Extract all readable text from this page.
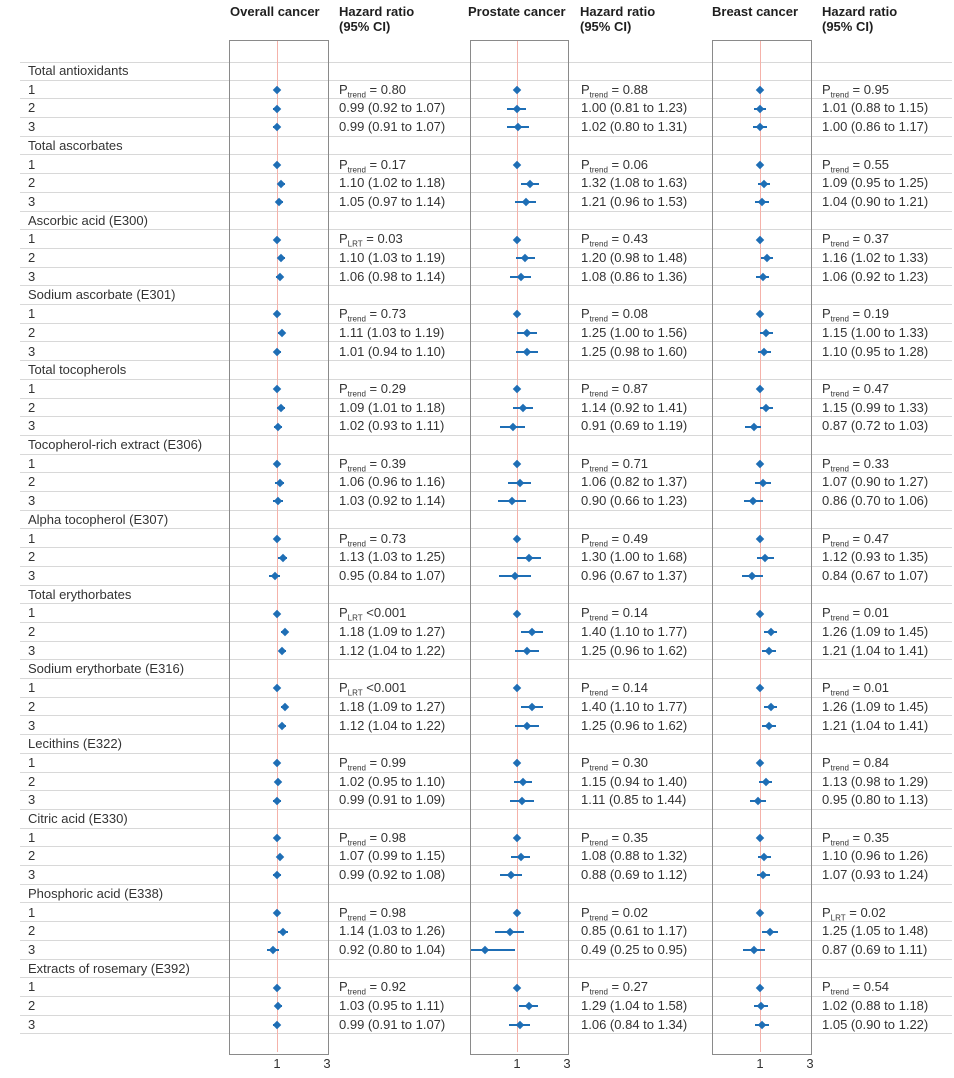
Overall cancer Hazard ratio
(95% CI)
Prostate cancer Hazard ratio
(95% CI)
Breast cancer Hazard ratio
(95% CI)
Total antioxidants
1	$P_{trend} = 0.80$	$P_{trend} = 0.88$	$P_{trend} = 0.95$
2	0.99 (0.92 to 1.07)	1.00 (0.81 to 1.23)	1.01 (0.88 to 1.15)
3	0.99 (0.91 to 1.07)	1.02 (0.80 to 1.31)	1.00 (0.86 to 1.17)
Total ascorbates
1	$P_{trend} = 0.17$	$P_{trend} = 0.06$	$P_{trend} = 0.55$
2	1.10 (1.02 to 1.18)	1.32 (1.08 to 1.63)	1.09 (0.95 to 1.25)
3	1.05 (0.97 to 1.14)	1.21 (0.96 to 1.53)	1.04 (0.90 to 1.21)
Ascorbic acid (E300)
1	$P_{LRT} = 0.03$	$P_{trend} = 0.43$	$P_{trend} = 0.37$
2	1.10 (1.03 to 1.19)	1.20 (0.98 to 1.48)	1.16 (1.02 to 1.33)
3	1.06 (0.98 to 1.14)	1.08 (0.86 to 1.36)	1.06 (0.92 to 1.23)
Sodium ascorbate (E301)
1	$P_{trend} = 0.73$	$P_{trend} = 0.08$	$P_{trend} = 0.19$
2	1.11 (1.03 to 1.19)	1.25 (1.00 to 1.56)	1.15 (1.00 to 1.33)
3	1.01 (0.94 to 1.10)	1.25 (0.98 to 1.60)	1.10 (0.95 to 1.28)
Total tocopherols
1	$P_{trend} = 0.29$	$P_{trend} = 0.87$	$P_{trend} = 0.47$
2	1.09 (1.01 to 1.18)	1.14 (0.92 to 1.41)	1.15 (0.99 to 1.33)
3	1.02 (0.93 to 1.11)	0.91 (0.69 to 1.19)	0.87 (0.72 to 1.03)
Tocopherol-rich extract (E306)
1	$P_{trend} = 0.39$	$P_{trend} = 0.71$	$P_{trend} = 0.33$
2	1.06 (0.96 to 1.16)	1.06 (0.82 to 1.37)	1.07 (0.90 to 1.27)
3	1.03 (0.92 to 1.14)	0.90 (0.66 to 1.23)	0.86 (0.70 to 1.06)
Alpha tocopherol (E307)
1	$P_{trend} = 0.73$	$P_{trend} = 0.49$	$P_{trend} = 0.47$
2	1.13 (1.03 to 1.25)	1.30 (1.00 to 1.68)	1.12 (0.93 to 1.35)
3	0.95 (0.84 to 1.07)	0.96 (0.67 to 1.37)	0.84 (0.67 to 1.07)
Total erythorbates
1	$P_{LRT} <0.001$	$P_{trend} = 0.14$	$P_{trend} = 0.01$
2	1.18 (1.09 to 1.27)	1.40 (1.10 to 1.77)	1.26 (1.09 to 1.45)
3	1.12 (1.04 to 1.22)	1.25 (0.96 to 1.62)	1.21 (1.04 to 1.41)
Sodium erythorbate (E316)
1	$P_{LRT} <0.001$	$P_{trend} = 0.14$	$P_{trend} = 0.01$
2	1.18 (1.09 to 1.27)	1.40 (1.10 to 1.77)	1.26 (1.09 to 1.45)
3	1.12 (1.04 to 1.22)	1.25 (0.96 to 1.62)	1.21 (1.04 to 1.41)
Lecithins (E322)
1	$P_{trend} = 0.99$	$P_{trend} = 0.30$	$P_{trend} = 0.84$
2	1.02 (0.95 to 1.10)	1.15 (0.94 to 1.40)	1.13 (0.98 to 1.29)
3	0.99 (0.91 to 1.09)	1.11 (0.85 to 1.44)	0.95 (0.80 to 1.13)
Citric acid (E330)
1	$P_{trend} = 0.98$	$P_{trend} = 0.35$	$P_{trend} = 0.35$
2	1.07 (0.99 to 1.15)	1.08 (0.88 to 1.32)	1.10 (0.96 to 1.26)
3	0.99 (0.92 to 1.08)	0.88 (0.69 to 1.12)	1.07 (0.93 to 1.24)
Phosphoric acid (E338)
1	$P_{trend} = 0.98$	$P_{trend} = 0.02$	$P_{LRT} = 0.02$
2	1.14 (1.03 to 1.26)	0.85 (0.61 to 1.17)	1.25 (1.05 to 1.48)
3	0.92 (0.80 to 1.04)	0.49 (0.25 to 0.95)	0.87 (0.69 to 1.11)
Extracts of rosemary (E392)
1	$P_{trend} = 0.92$	$P_{trend} = 0.27$	$P_{trend} = 0.54$
2	1.03 (0.95 to 1.11)	1.29 (1.04 to 1.58)	1.02 (0.88 to 1.18)
3	0.99 (0.91 to 1.07)	1.06 (0.84 to 1.34)	1.05 (0.90 to 1.22)
1	3	1	3	1	3
